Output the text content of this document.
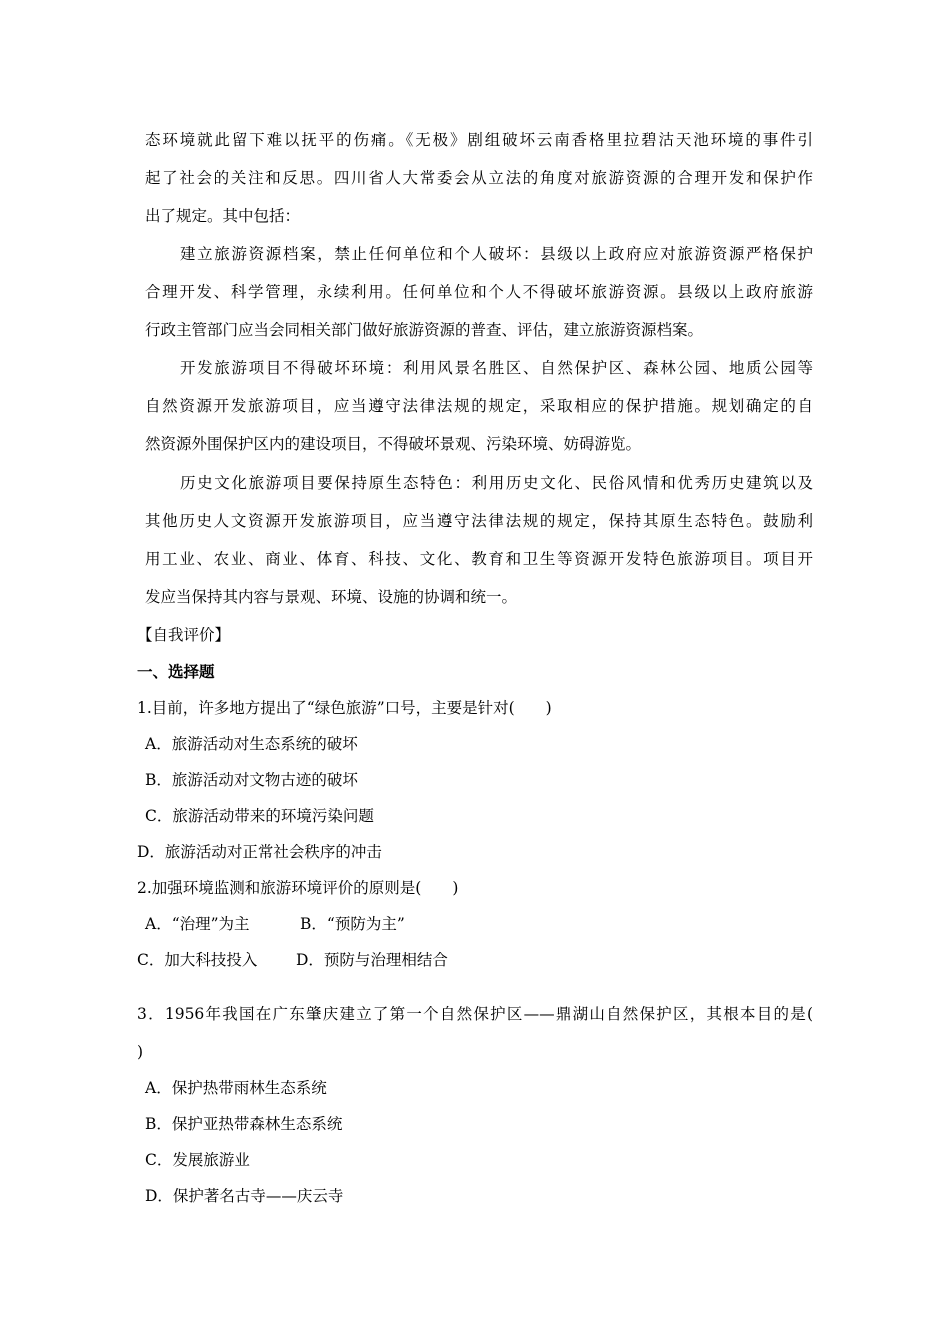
态环境就此留下难以抚平的伤痛。《无极》剧组破坏云南香格里拉碧沽天池环境的事件引
起了社会的关注和反思。四川省人大常委会从立法的角度对旅游资源的合理开发和保护作
出了规定。其中包括：
建立旅游资源档案，禁止任何单位和个人破坏：县级以上政府应对旅游资源严格保护
合理开发、科学管理，永续利用。任何单位和个人不得破坏旅游资源。县级以上政府旅游
行政主管部门应当会同相关部门做好旅游资源的普查、评估，建立旅游资源档案。
开发旅游项目不得破坏环境：利用风景名胜区、自然保护区、森林公园、地质公园等
自然资源开发旅游项目，应当遵守法律法规的规定，采取相应的保护措施。规划确定的自
然资源外围保护区内的建设项目，不得破坏景观、污染环境、妨碍游览。
历史文化旅游项目要保持原生态特色：利用历史文化、民俗风情和优秀历史建筑以及
其他历史人文资源开发旅游项目，应当遵守法律法规的规定，保持其原生态特色。鼓励利
用工业、农业、商业、体育、科技、文化、教育和卫生等资源开发特色旅游项目。项目开
发应当保持其内容与景观、环境、设施的协调和统一。
【自我评价】
一、选择题
1.目前，许多地方提出了“绿色旅游”口号，主要是针对(　　)
A．旅游活动对生态系统的破坏
B．旅游活动对文物古迹的破坏
C．旅游活动带来的环境污染问题
D．旅游活动对正常社会秩序的冲击
2.加强环境监测和旅游环境评价的原则是(　　)
A．“治理”为主	B．“预防为主”
C．加大科技投入 D．预防与治理相结合
3．1956年我国在广东肇庆建立了第一个自然保护区——鼎湖山自然保护区，其根本目的是(
)
A．保护热带雨林生态系统
B．保护亚热带森林生态系统
C．发展旅游业
D．保护著名古寺——庆云寺
